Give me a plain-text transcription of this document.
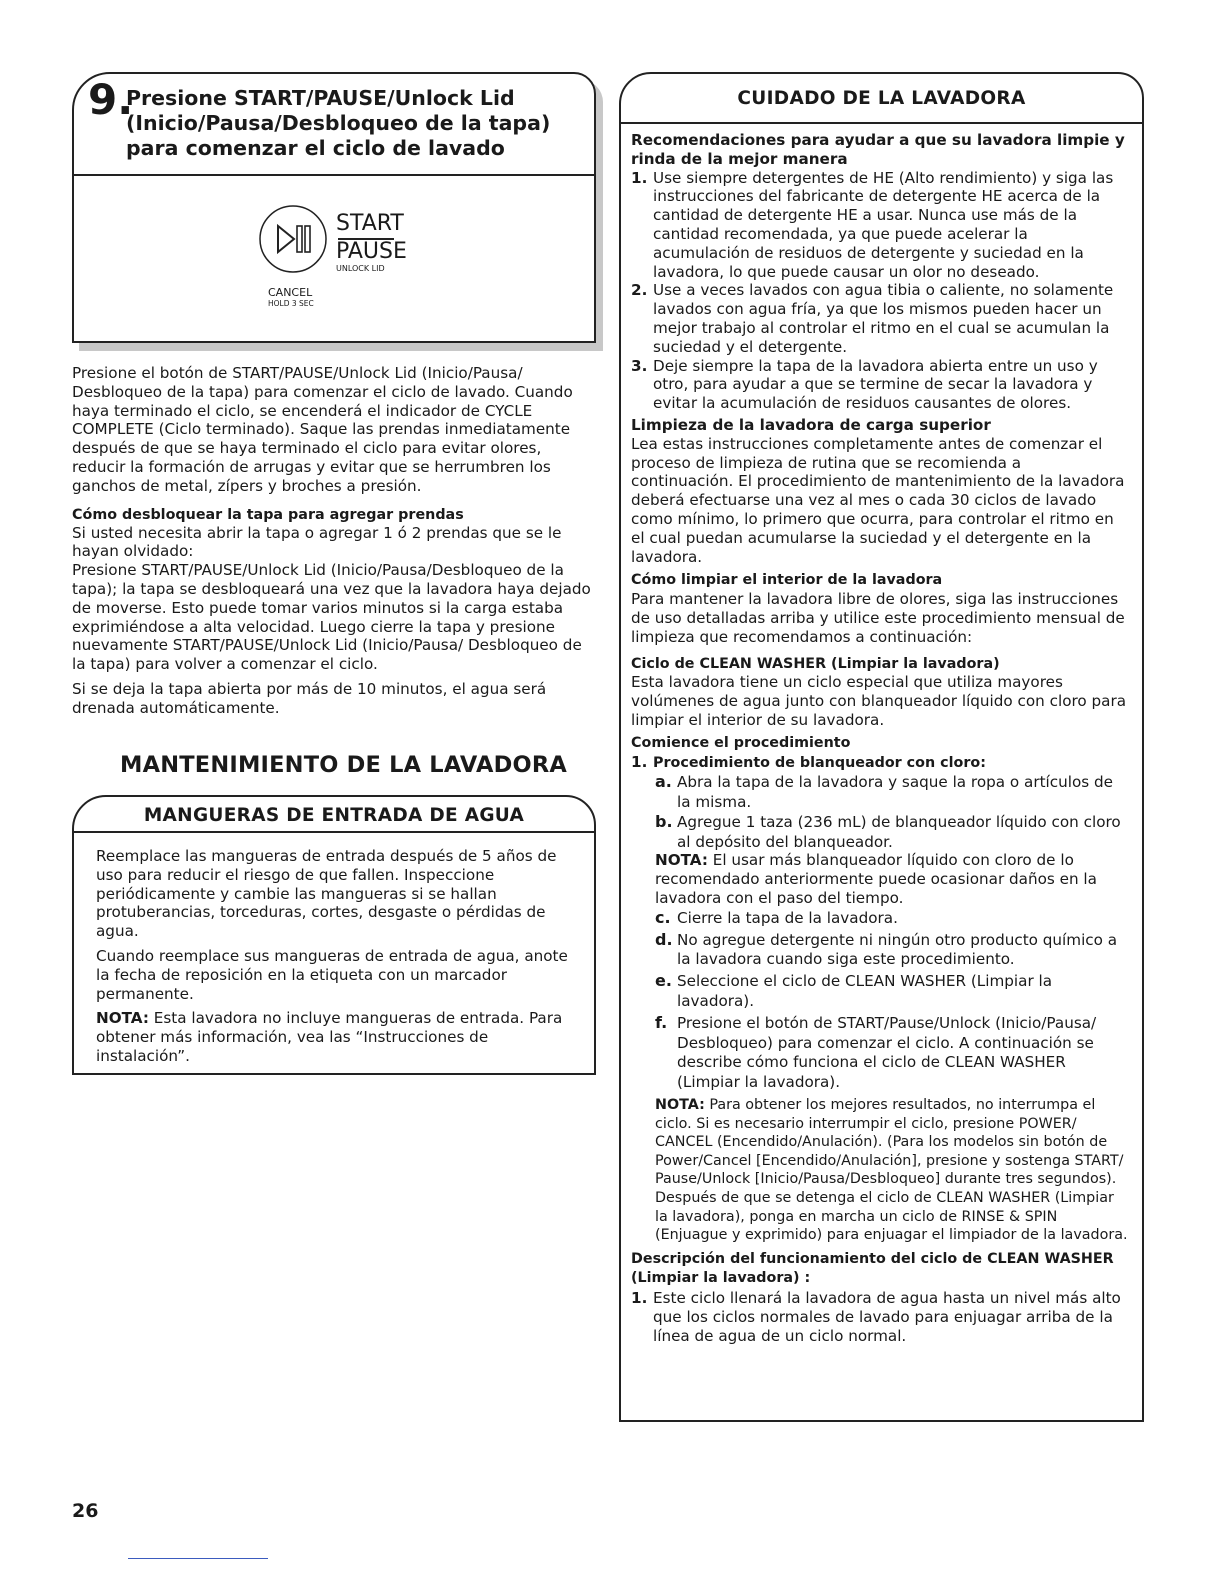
9.
Presione START/PAUSE/Unlock Lid (Inicio/Pausa/Desbloqueo de la tapa) para comenzar el ciclo de lavado
START
PAUSE
UNLOCK LID
CANCEL
HOLD 3 SEC

Presione el botón de START/PAUSE/Unlock Lid (Inicio/Pausa/ Desbloqueo de la tapa) para comenzar el ciclo de lavado. Cuando haya terminado el ciclo, se encenderá el indicador de CYCLE COMPLETE (Ciclo terminado). Saque las prendas inmediatamente después de que se haya terminado el ciclo para evitar olores, reducir la formación de arrugas y evitar que se herrumbren los ganchos de metal, zípers y broches a presión.

Cómo desbloquear la tapa para agregar prendas

Si usted necesita abrir la tapa o agregar 1 ó 2 prendas que se le hayan olvidado:

Presione START/PAUSE/Unlock Lid (Inicio/Pausa/Desbloqueo de la tapa); la tapa se desbloqueará una vez que la lavadora haya dejado de moverse. Esto puede tomar varios minutos si la carga estaba exprimiéndose a alta velocidad. Luego cierre la tapa y presione nuevamente START/PAUSE/Unlock Lid (Inicio/Pausa/ Desbloqueo de la tapa) para volver a comenzar el ciclo.

Si se deja la tapa abierta por más de 10 minutos, el agua será drenada automáticamente.

MANTENIMIENTO DE LA LAVADORA
MANGUERAS DE ENTRADA DE AGUA

Reemplace las mangueras de entrada después de 5 años de uso para reducir el riesgo de que fallen. Inspeccione periódicamente y cambie las mangueras si se hallan protuberancias, torceduras, cortes, desgaste o pérdidas de agua.

Cuando reemplace sus mangueras de entrada de agua, anote la fecha de reposición en la etiqueta con un marcador permanente.

NOTA: Esta lavadora no incluye mangueras de entrada. Para obtener más información, vea las “Instrucciones de instalación”.

CUIDADO DE LA LAVADORA
Recomendaciones para ayudar a que su lavadora limpie y rinda de la mejor manera
1. Use siempre detergentes de HE (Alto rendimiento) y siga las instrucciones del fabricante de detergente HE acerca de la cantidad de detergente HE a usar. Nunca use más de la cantidad recomendada, ya que puede acelerar la acumulación de residuos de detergente y suciedad en la lavadora, lo que puede causar un olor no deseado.
2. Use a veces lavados con agua tibia o caliente, no solamente lavados con agua fría, ya que los mismos pueden hacer un mejor trabajo al controlar el ritmo en el cual se acumulan la suciedad y el detergente.
3. Deje siempre la tapa de la lavadora abierta entre un uso y otro, para ayudar a que se termine de secar la lavadora y evitar la acumulación de residuos causantes de olores.
Limpieza de la lavadora de carga superior

Lea estas instrucciones completamente antes de comenzar el proceso de limpieza de rutina que se recomienda a continuación. El procedimiento de mantenimiento de la lavadora deberá efectuarse una vez al mes o cada 30 ciclos de lavado como mínimo, lo primero que ocurra, para controlar el ritmo en el cual puedan acumularse la suciedad y el detergente en la lavadora.

Cómo limpiar el interior de la lavadora

Para mantener la lavadora libre de olores, siga las instrucciones de uso detalladas arriba y utilice este procedimiento mensual de limpieza que recomendamos a continuación:

Ciclo de CLEAN WASHER (Limpiar la lavadora)

Esta lavadora tiene un ciclo especial que utiliza mayores volúmenes de agua junto con blanqueador líquido con cloro para limpiar el interior de su lavadora.

Comience el procedimiento
1. Procedimiento de blanqueador con cloro:
a. Abra la tapa de la lavadora y saque la ropa o artículos de la misma.
b. Agregue 1 taza (236 mL) de blanqueador líquido con cloro al depósito del blanqueador.

NOTA: El usar más blanqueador líquido con cloro de lo recomendado anteriormente puede ocasionar daños en la lavadora con el paso del tiempo.

c. Cierre la tapa de la lavadora.
d. No agregue detergente ni ningún otro producto químico a la lavadora cuando siga este procedimiento.
e. Seleccione el ciclo de CLEAN WASHER (Limpiar la lavadora).
f. Presione el botón de START/Pause/Unlock (Inicio/Pausa/ Desbloqueo) para comenzar el ciclo. A continuación se describe cómo funciona el ciclo de CLEAN WASHER (Limpiar la lavadora).

NOTA: Para obtener los mejores resultados, no interrumpa el ciclo. Si es necesario interrumpir el ciclo, presione POWER/ CANCEL (Encendido/Anulación). (Para los modelos sin botón de Power/Cancel [Encendido/Anulación], presione y sostenga START/ Pause/Unlock [Inicio/Pausa/Desbloqueo] durante tres segundos). Después de que se detenga el ciclo de CLEAN WASHER (Limpiar la lavadora), ponga en marcha un ciclo de RINSE & SPIN (Enjuague y exprimido) para enjuagar el limpiador de la lavadora.

Descripción del funcionamiento del ciclo de CLEAN WASHER (Limpiar la lavadora) :
1. Este ciclo llenará la lavadora de agua hasta un nivel más alto que los ciclos normales de lavado para enjuagar arriba de la línea de agua de un ciclo normal.
26
